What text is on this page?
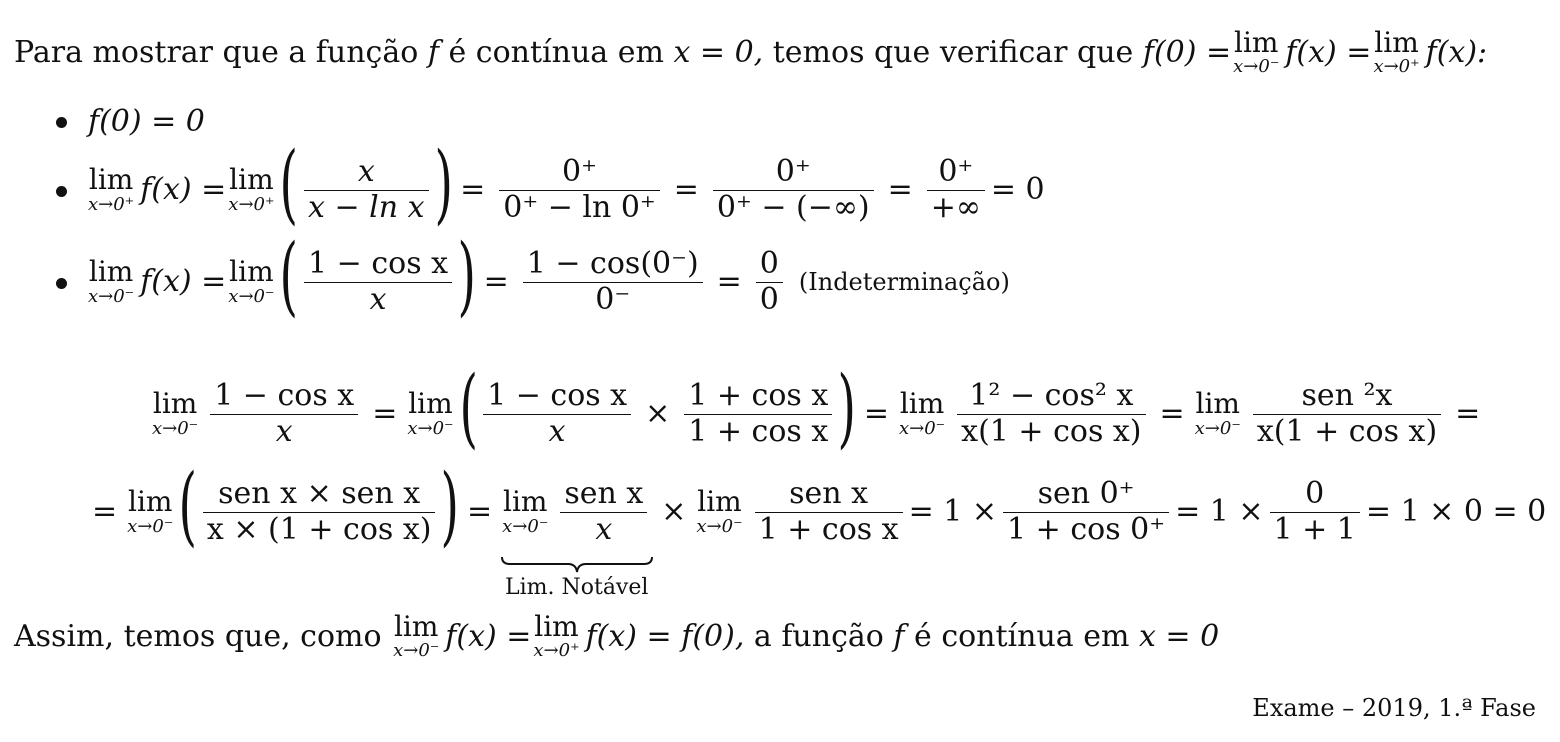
Para mostrar que a função
f
é contínua em
x = 0,
temos que verificar que
f(0) = lim
x→0⁻ f(x) = lim
x→0⁺ f(x):
f(0) = 0
lim
x→0⁺ f(x) = lim
x→0⁺ ( $\frac{x}{\text{x − ln x}}$ ) = $\frac{0^+}{0^+ - \ln 0^+} = \frac{0^+}{0^+ - (-\infty)} = \frac{0^+}{+\infty} = 0$
lim
x→0⁻ f(x) = lim
x→0⁻ ( $\frac{\text{1 − cos x}}{x}$ ) = $\frac{1 - \cos(0^-)}{0^-} = \frac{0}{0}$ (Indeterminação)
lim
$x\to 0^- \frac{\text{1 − cos x}}{x} = \lim$
x→0⁻ ( $\frac{\text{1 − cos x}}{x} \times \frac{\text{1 + cos x}}{\text{1 + cos x}}$ ) = lim
$x\to 0^- \frac{\text{1² − cos² x}}{\text{x(1 + cos x)}} = \lim$
$x\to 0^- \frac{\text{sen ²x}}{\text{x(1 + cos x)}}$ =
= lim
x→0⁻ ( $\frac{\text{sen x × sen x}}{\text{x × (1 + cos x)}}$ ) = lim
$x\to 0^- \frac{\text{sen x}}{x}$
Lim. Notável
× lim
$x\to 0^- \frac{\text{sen x}}{\text{1 + cos x}} = 1 \times \frac{\text{sen 0⁺}}{1 + \cos 0^+} = 1 \times \frac{0}{1 + 1} = 1 \times 0 = 0$
Assim, temos que, como
lim
x→0⁻ f(x) = lim
x→0⁺ f(x) = f(0),
a função
f
é contínua em
x = 0
Exame – 2019, 1.ª Fase
